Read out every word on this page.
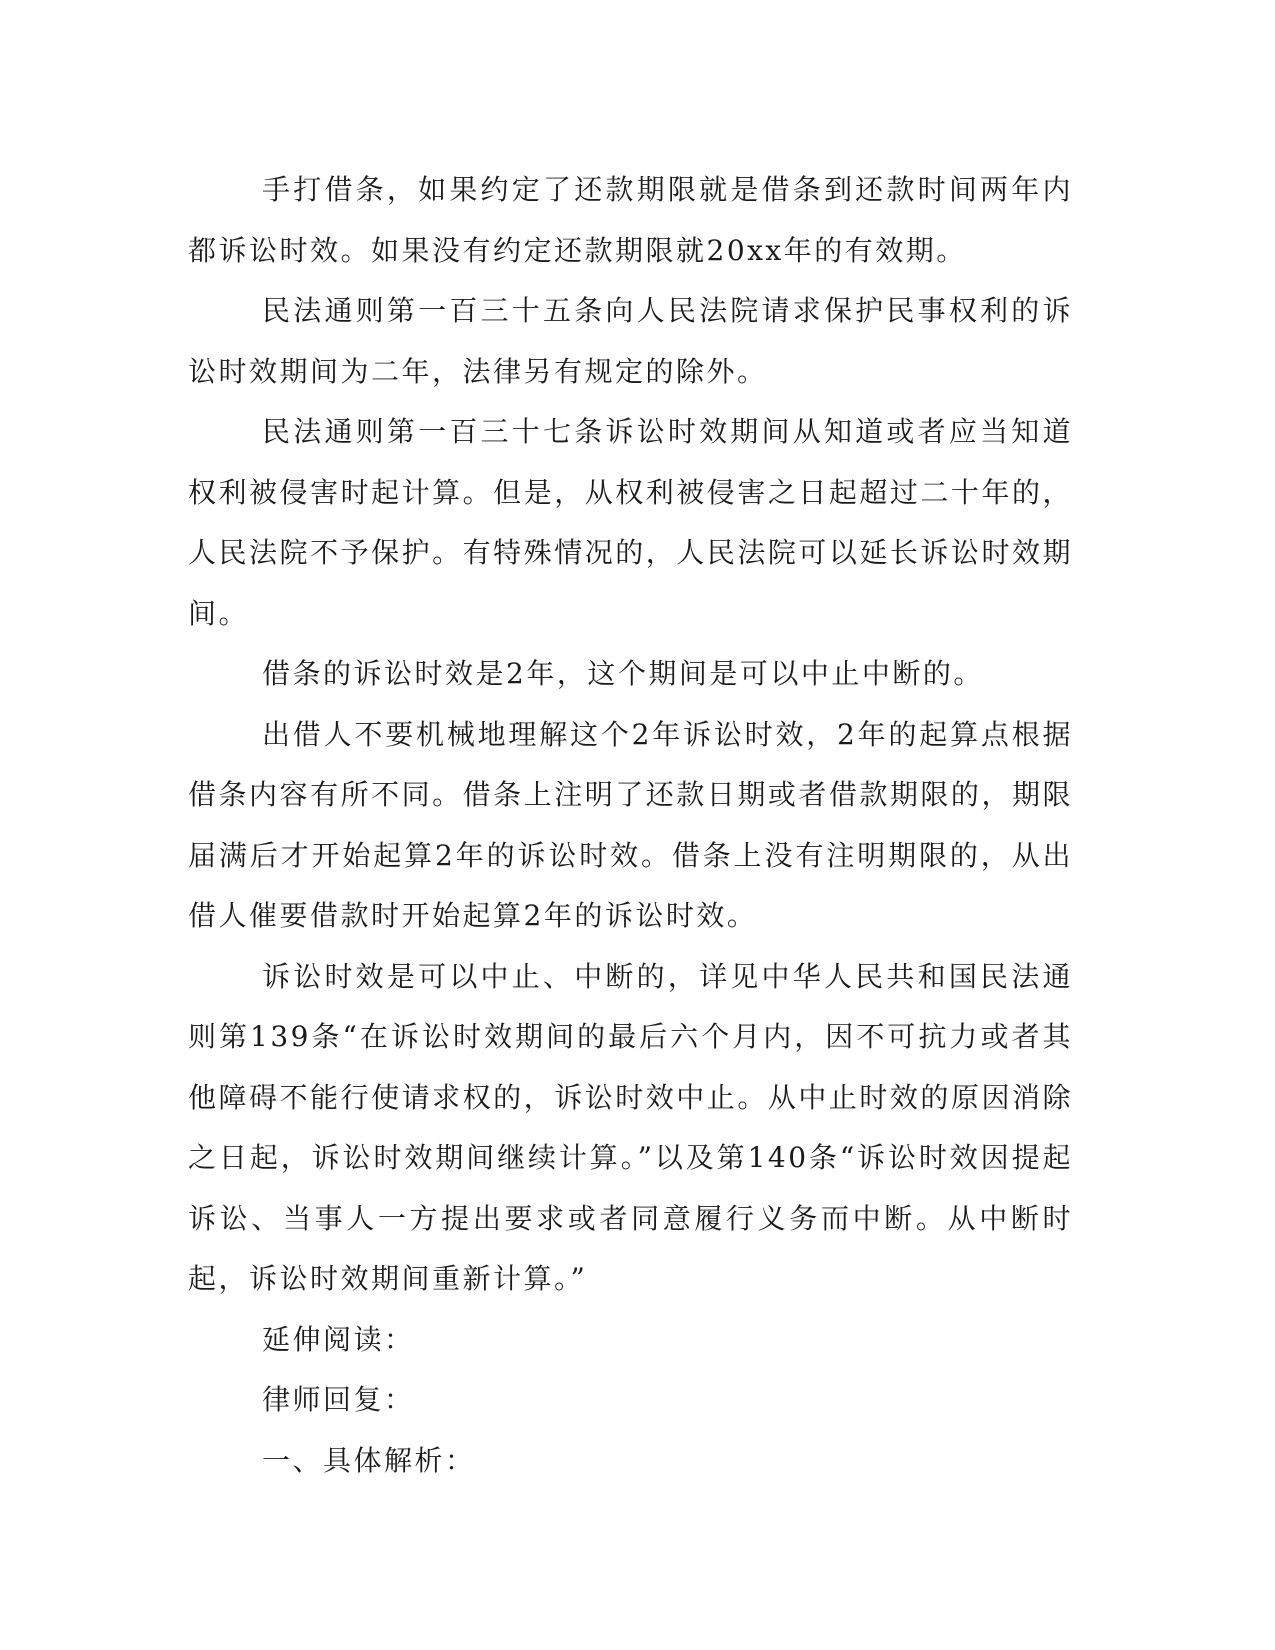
手打借条，如果约定了还款期限就是借条到还款时间两年内都诉讼时效。如果没有约定还款期限就20xx年的有效期。

民法通则第一百三十五条向人民法院请求保护民事权利的诉讼时效期间为二年，法律另有规定的除外。

民法通则第一百三十七条诉讼时效期间从知道或者应当知道权利被侵害时起计算。但是，从权利被侵害之日起超过二十年的，人民法院不予保护。有特殊情况的，人民法院可以延长诉讼时效期间。

借条的诉讼时效是2年，这个期间是可以中止中断的。

出借人不要机械地理解这个2年诉讼时效，2年的起算点根据借条内容有所不同。借条上注明了还款日期或者借款期限的，期限届满后才开始起算2年的诉讼时效。借条上没有注明期限的，从出借人催要借款时开始起算2年的诉讼时效。

诉讼时效是可以中止、中断的，详见中华人民共和国民法通则第139条“在诉讼时效期间的最后六个月内，因不可抗力或者其他障碍不能行使请求权的，诉讼时效中止。从中止时效的原因消除之日起，诉讼时效期间继续计算。”以及第140条“诉讼时效因提起诉讼、当事人一方提出要求或者同意履行义务而中断。从中断时起，诉讼时效期间重新计算。”

延伸阅读：

律师回复：

一、具体解析：
